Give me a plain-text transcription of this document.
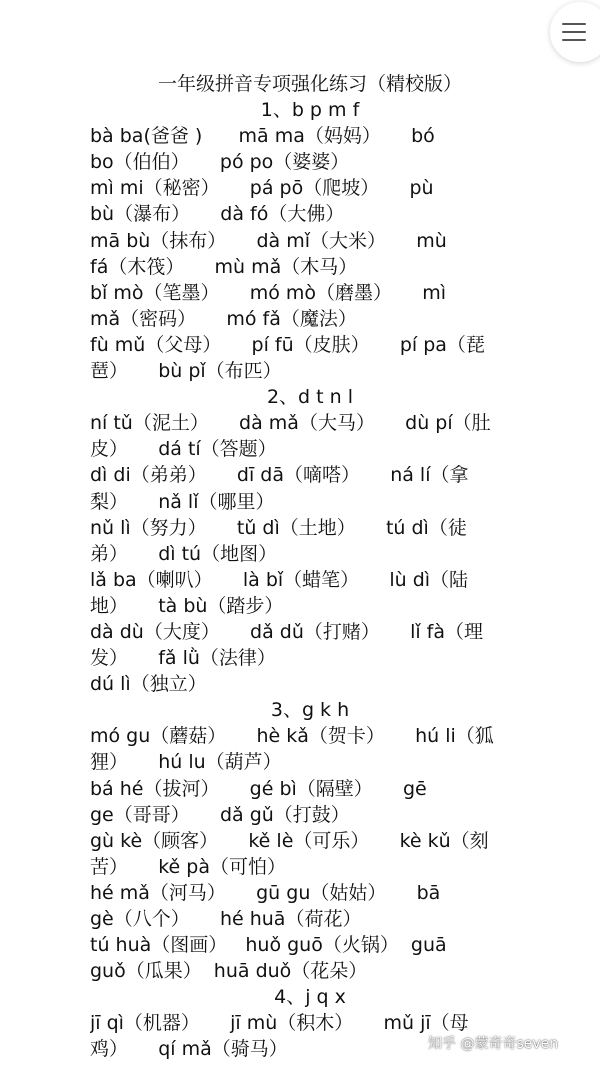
一年级拼音专项强化练习（精校版）
1、b p m f
bà ba(爸爸 )      mā ma（妈妈）     bó
bo（伯伯）     pó po（婆婆）
mì mi（秘密）     pá pō（爬坡）     pù
bù（瀑布）     dà fó（大佛）
mā bù（抹布）     dà mǐ（大米）     mù
fá（木筏）     mù mǎ（木马）
bǐ mò（笔墨）     mó mò（磨墨）     mì
mǎ（密码）     mó fǎ（魔法）
fù mǔ（父母）     pí fū（皮肤）     pí pa（琵
琶）     bù pǐ（布匹）
2、d t n l
ní tǔ（泥土）     dà mǎ（大马）     dù pí（肚
皮）     dá tí（答题）
dì di（弟弟）     dī dā（嘀嗒）     ná lí（拿
梨）     nǎ lǐ（哪里）
nǔ lì（努力）     tǔ dì（土地）     tú dì（徒
弟）     dì tú（地图）
lǎ ba（喇叭）     là bǐ（蜡笔）     lù dì（陆
地）     tà bù（踏步）
dà dù（大度）     dǎ dǔ（打赌）     lǐ fà（理
发）     fǎ lǜ（法律）
dú lì（独立）
3、g k h
mó gu（蘑菇）     hè kǎ（贺卡）     hú li（狐
狸）     hú lu（葫芦）
bá hé（拔河）     gé bì（隔壁）     gē
ge（哥哥）     dǎ gǔ（打鼓）
gù kè（顾客）     kě lè（可乐）     kè kǔ（刻
苦）     kě pà（可怕）
hé mǎ（河马）     gū gu（姑姑）     bā
gè（八个）     hé huā（荷花）
tú huà（图画）   huǒ guō（火锅）  guā
guǒ（瓜果）  huā duǒ（花朵）
4、j q x
jī qì（机器）     jī mù（积木）     mǔ jī（母
鸡）     qí mǎ（骑马）	知乎 @蒙奇奇seven
